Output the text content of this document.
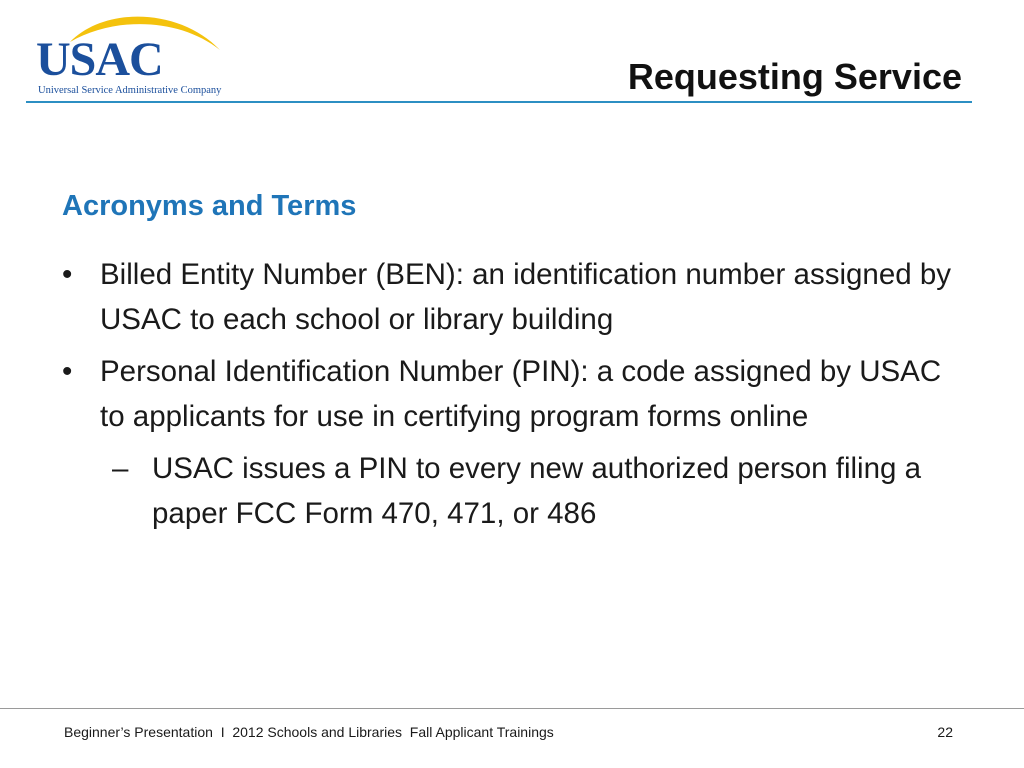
USAC
Universal Service Administrative Company	Requesting Service
Acronyms and Terms
• Billed Entity Number (BEN): an identification number assigned by USAC to each school or library building
• Personal Identification Number (PIN): a code assigned by USAC to applicants for use in certifying program forms online
– USAC issues a PIN to every new authorized person filing a paper FCC Form 470, 471, or 486
Beginner’s Presentation  I  2012 Schools and Libraries  Fall Applicant Trainings	22
